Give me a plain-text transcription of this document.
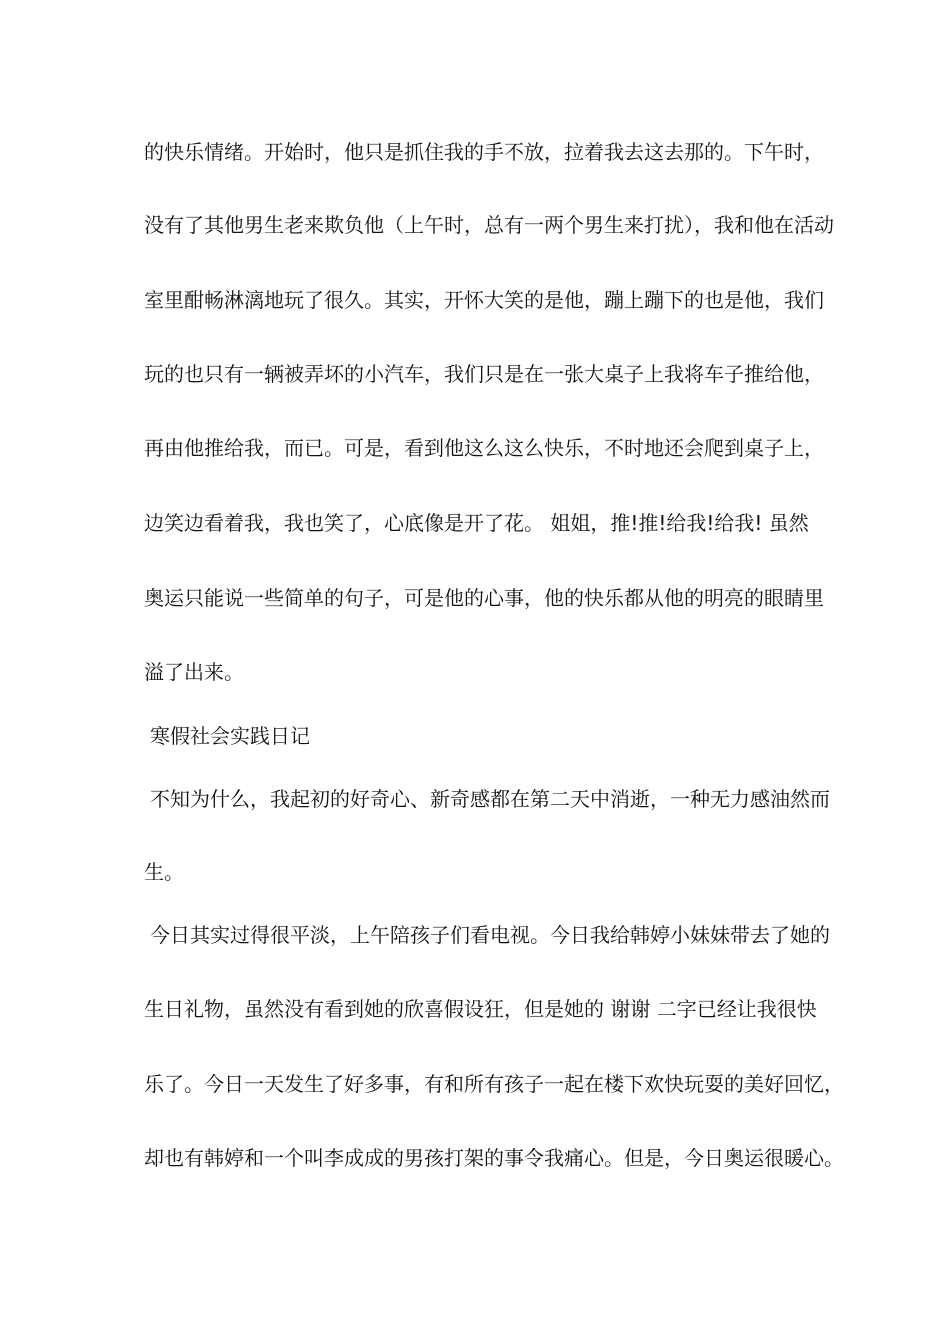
的快乐情绪。开始时，他只是抓住我的手不放，拉着我去这去那的。下午时，
没有了其他男生老来欺负他（上午时，总有一两个男生来打扰），我和他在活动
室里酣畅淋漓地玩了很久。其实，开怀大笑的是他，蹦上蹦下的也是他，我们
玩的也只有一辆被弄坏的小汽车，我们只是在一张大桌子上我将车子推给他，
再由他推给我，而已。可是，看到他这么这么快乐，不时地还会爬到桌子上，
边笑边看着我，我也笑了，心底像是开了花。 姐姐，推!推!给我!给我! 虽然
奥运只能说一些简单的句子，可是他的心事，他的快乐都从他的明亮的眼睛里
溢了出来。
寒假社会实践日记
不知为什么，我起初的好奇心、新奇感都在第二天中消逝，一种无力感油然而
生。
今日其实过得很平淡，上午陪孩子们看电视。今日我给韩婷小妹妹带去了她的
生日礼物，虽然没有看到她的欣喜假设狂，但是她的 谢谢 二字已经让我很快
乐了。今日一天发生了好多事，有和所有孩子一起在楼下欢快玩耍的美好回忆，
却也有韩婷和一个叫李成成的男孩打架的事令我痛心。但是，今日奥运很暖心。
